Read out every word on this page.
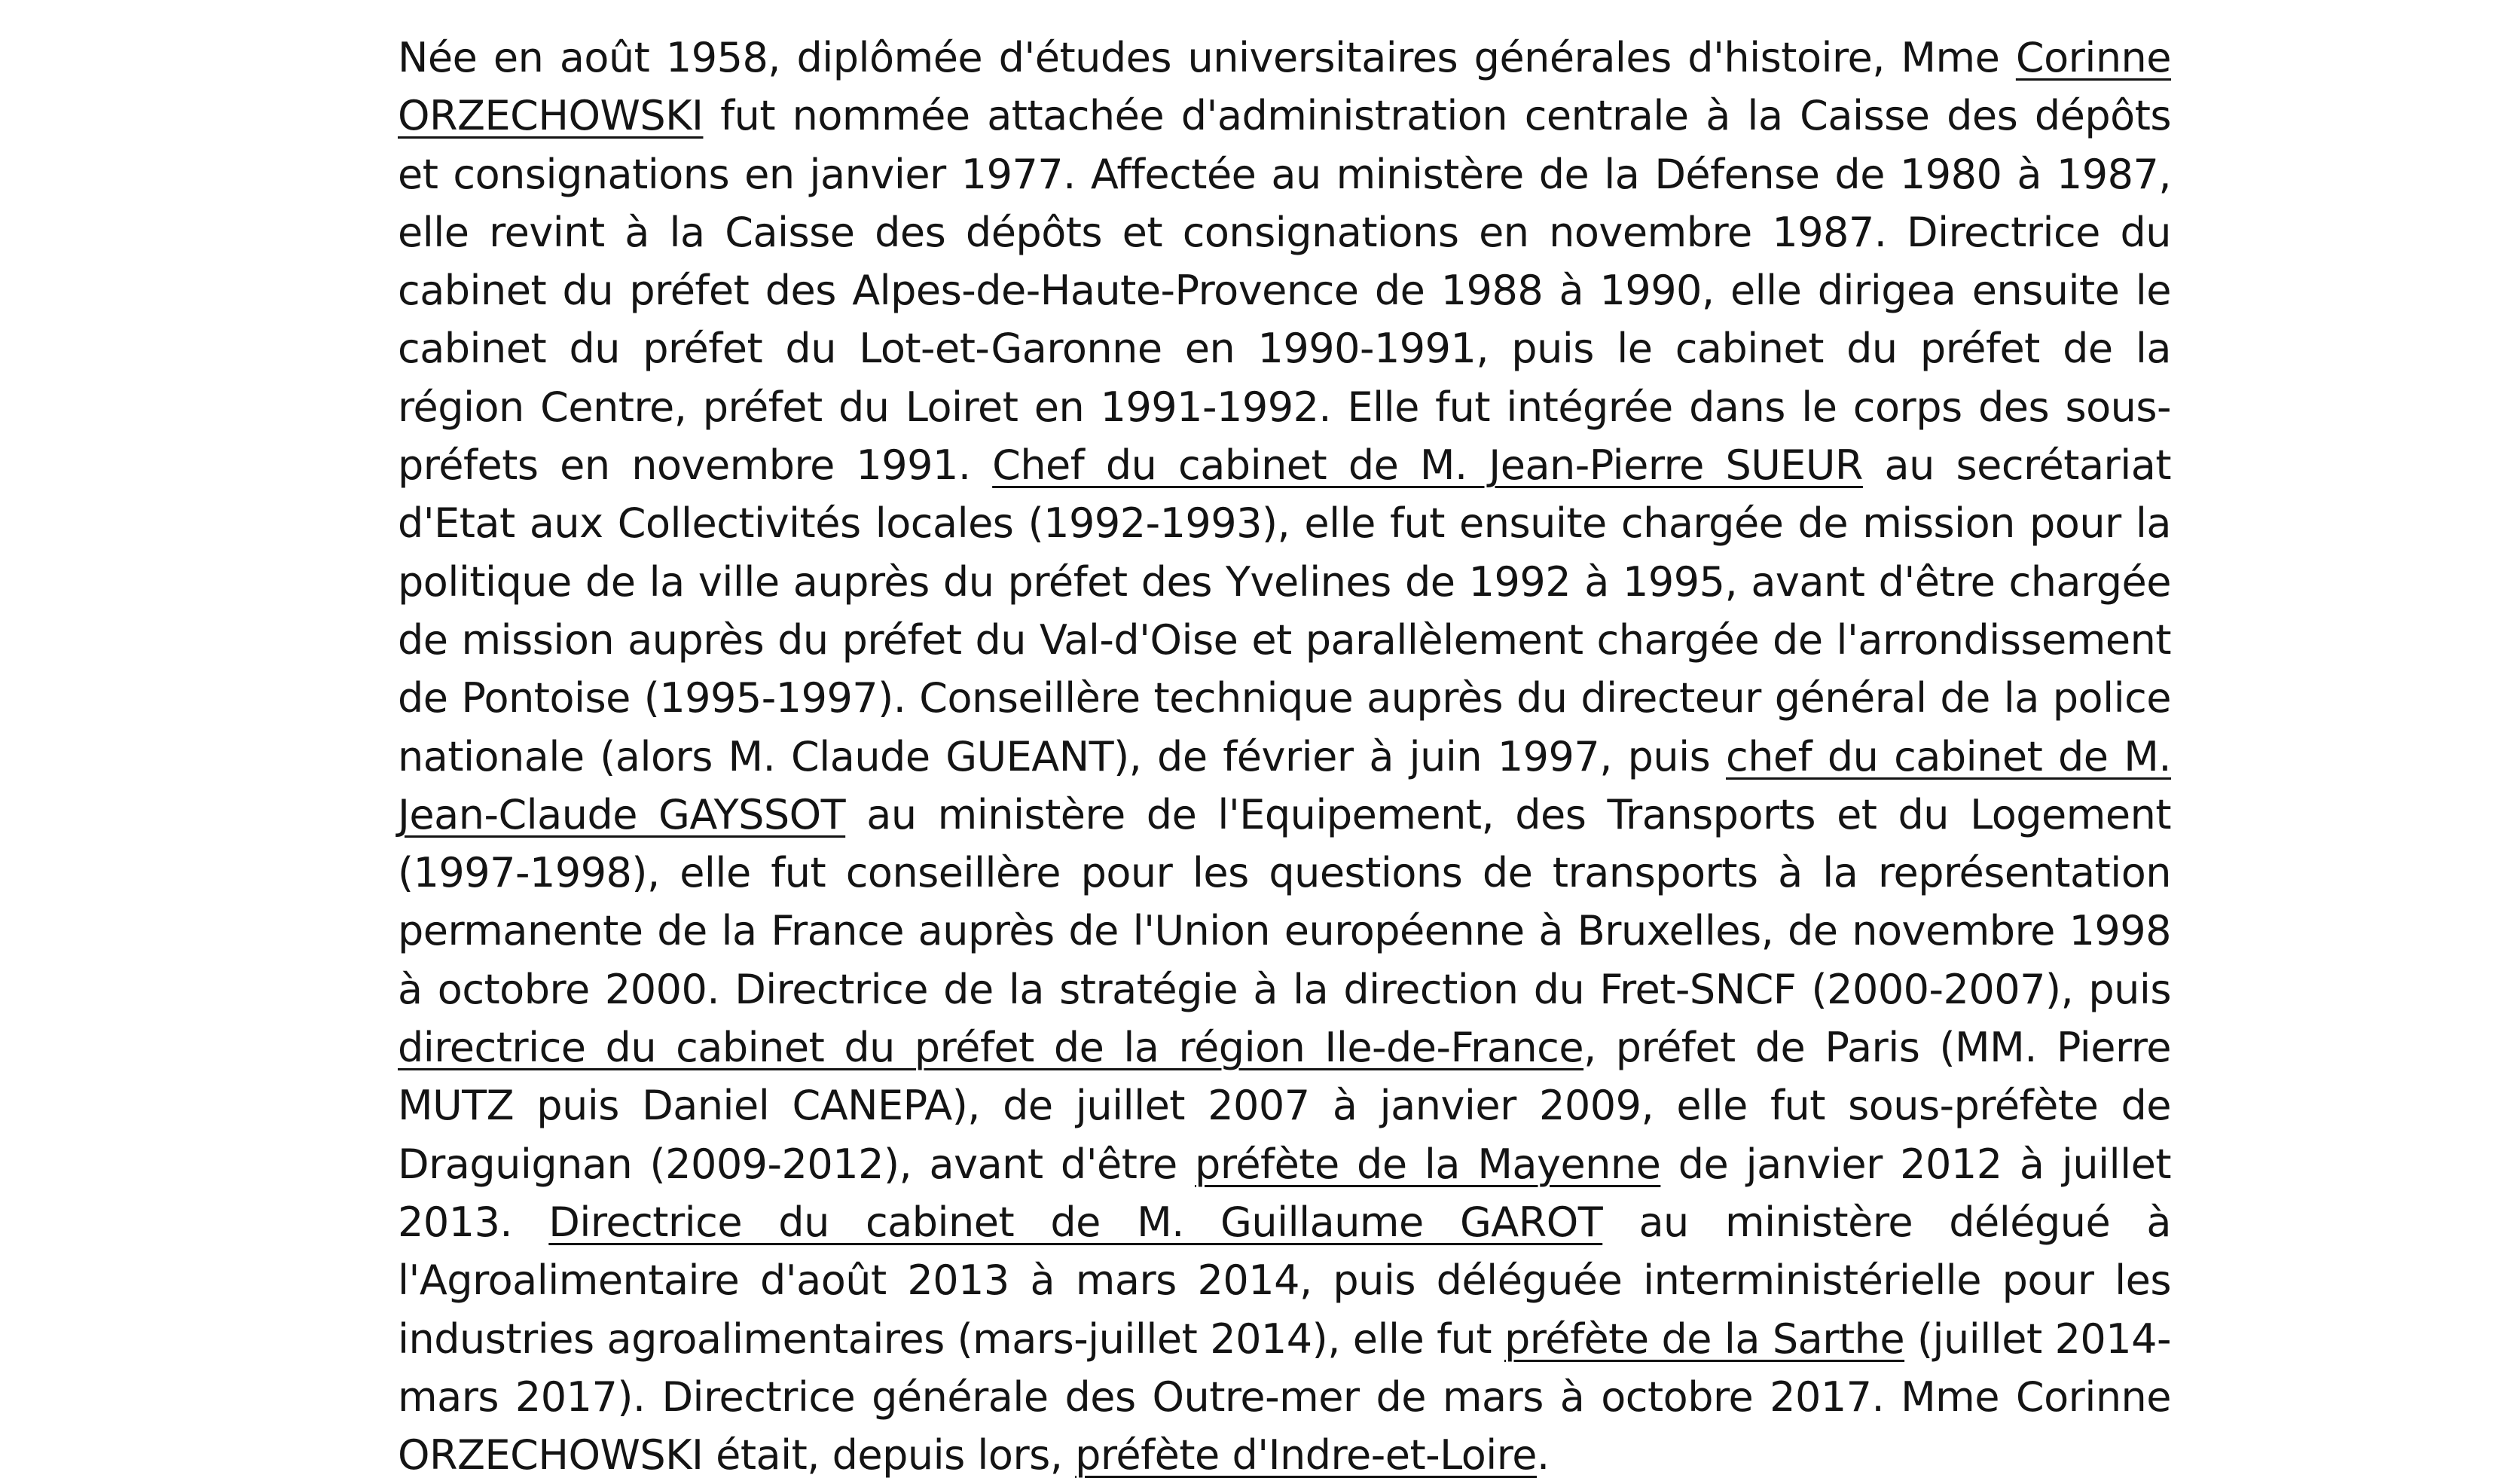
Née en août 1958, diplômée d'études universitaires générales d'histoire, Mme Corinne ORZECHOWSKI fut nommée attachée d'administration centrale à la Caisse des dépôts et consignations en janvier 1977. Affectée au ministère de la Défense de 1980 à 1987, elle revint à la Caisse des dépôts et consignations en novembre 1987. Directrice du cabinet du préfet des Alpes-de-Haute-Provence de 1988 à 1990, elle dirigea ensuite le cabinet du préfet du Lot-et-Garonne en 1990-1991, puis le cabinet du préfet de la région Centre, préfet du Loiret en 1991-1992. Elle fut intégrée dans le corps des sous-préfets en novembre 1991. Chef du cabinet de M. Jean-Pierre SUEUR au secrétariat d'Etat aux Collectivités locales (1992-1993), elle fut ensuite chargée de mission pour la politique de la ville auprès du préfet des Yvelines de 1992 à 1995, avant d'être chargée de mission auprès du préfet du Val-d'Oise et parallèlement chargée de l'arrondissement de Pontoise (1995-1997). Conseillère technique auprès du directeur général de la police nationale (alors M. Claude GUEANT), de février à juin 1997, puis chef du cabinet de M. Jean-Claude GAYSSOT au ministère de l'Equipement, des Transports et du Logement (1997-1998), elle fut conseillère pour les questions de transports à la représentation permanente de la France auprès de l'Union européenne à Bruxelles, de novembre 1998 à octobre 2000. Directrice de la stratégie à la direction du Fret-SNCF (2000-2007), puis directrice du cabinet du préfet de la région Ile-de-France, préfet de Paris (MM. Pierre MUTZ puis Daniel CANEPA), de juillet 2007 à janvier 2009, elle fut sous-préfète de Draguignan (2009-2012), avant d'être préfète de la Mayenne de janvier 2012 à juillet 2013. Directrice du cabinet de M. Guillaume GAROT au ministère délégué à l'Agroalimentaire d'août 2013 à mars 2014, puis déléguée interministérielle pour les industries agroalimentaires (mars-juillet 2014), elle fut préfète de la Sarthe (juillet 2014-mars 2017). Directrice générale des Outre-mer de mars à octobre 2017. Mme Corinne ORZECHOWSKI était, depuis lors, préfète d'Indre-et-Loire.
